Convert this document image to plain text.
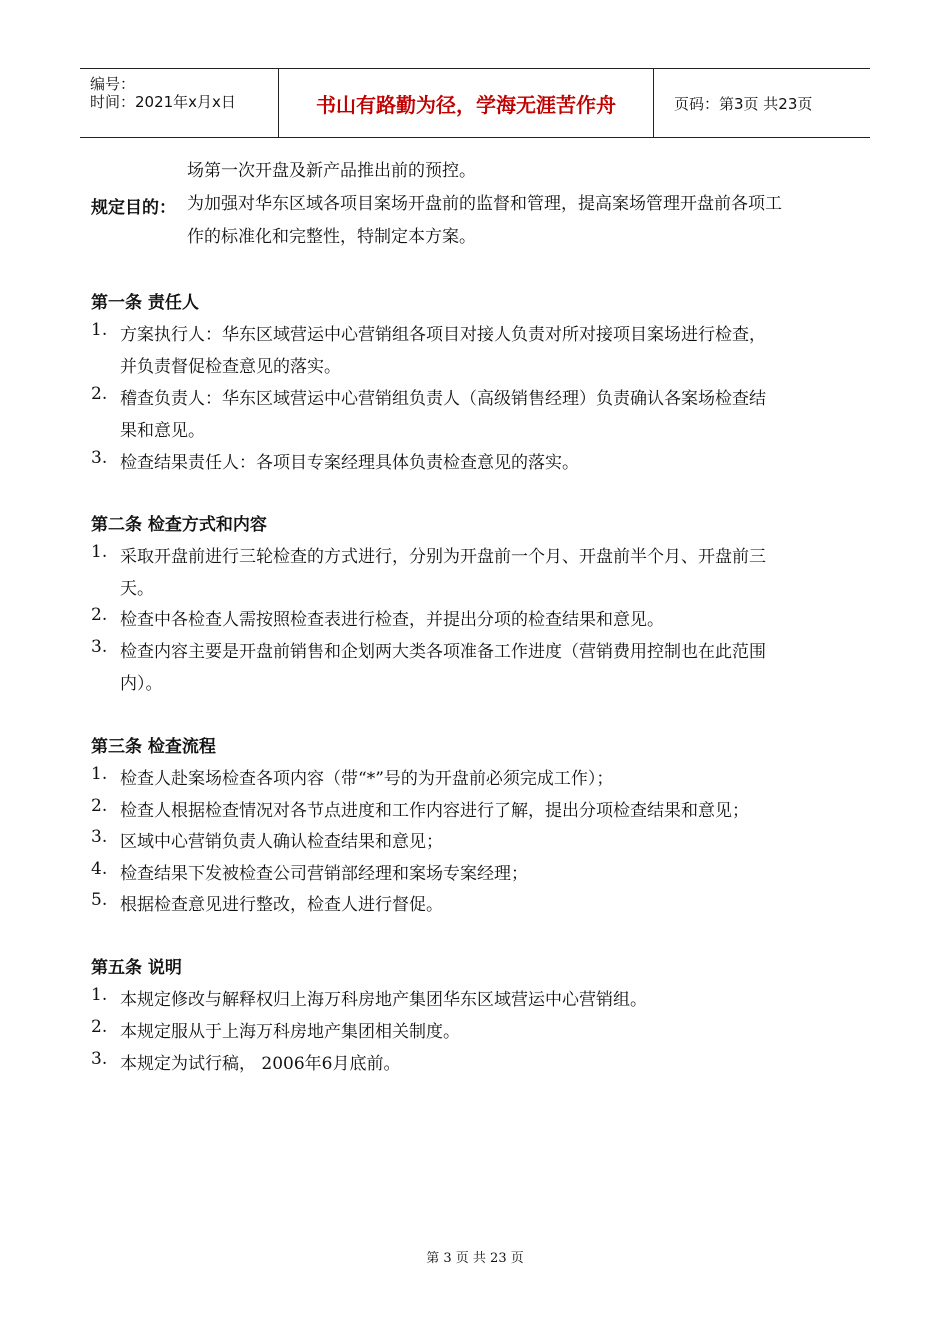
编号：
时间：2021年x月x日	书山有路勤为径，学海无涯苦作舟	页码：第3页 共23页
场第一次开盘及新产品推出前的预控。
规定目的： 为加强对华东区域各项目案场开盘前的监督和管理，提高案场管理开盘前各项工
作的标准化和完整性，特制定本方案。
第一条 责任人
1. 方案执行人：华东区域营运中心营销组各项目对接人负责对所对接项目案场进行检查，
并负责督促检查意见的落实。
2. 稽查负责人：华东区域营运中心营销组负责人（高级销售经理）负责确认各案场检查结
果和意见。
3. 检查结果责任人：各项目专案经理具体负责检查意见的落实。
第二条 检查方式和内容
1. 采取开盘前进行三轮检查的方式进行，分别为开盘前一个月、开盘前半个月、开盘前三
天。
2. 检查中各检查人需按照检查表进行检查，并提出分项的检查结果和意见。
3. 检查内容主要是开盘前销售和企划两大类各项准备工作进度（营销费用控制也在此范围
内）。
第三条 检查流程
1. 检查人赴案场检查各项内容（带“*”号的为开盘前必须完成工作）；
2. 检查人根据检查情况对各节点进度和工作内容进行了解，提出分项检查结果和意见；
3. 区域中心营销负责人确认检查结果和意见；
4. 检查结果下发被检查公司营销部经理和案场专案经理；
5. 根据检查意见进行整改，检查人进行督促。
第五条 说明
1. 本规定修改与解释权归上海万科房地产集团华东区域营运中心营销组。
2. 本规定服从于上海万科房地产集团相关制度。
3. 本规定为试行稿， 2006年6月底前。
第 3 页 共 23 页
